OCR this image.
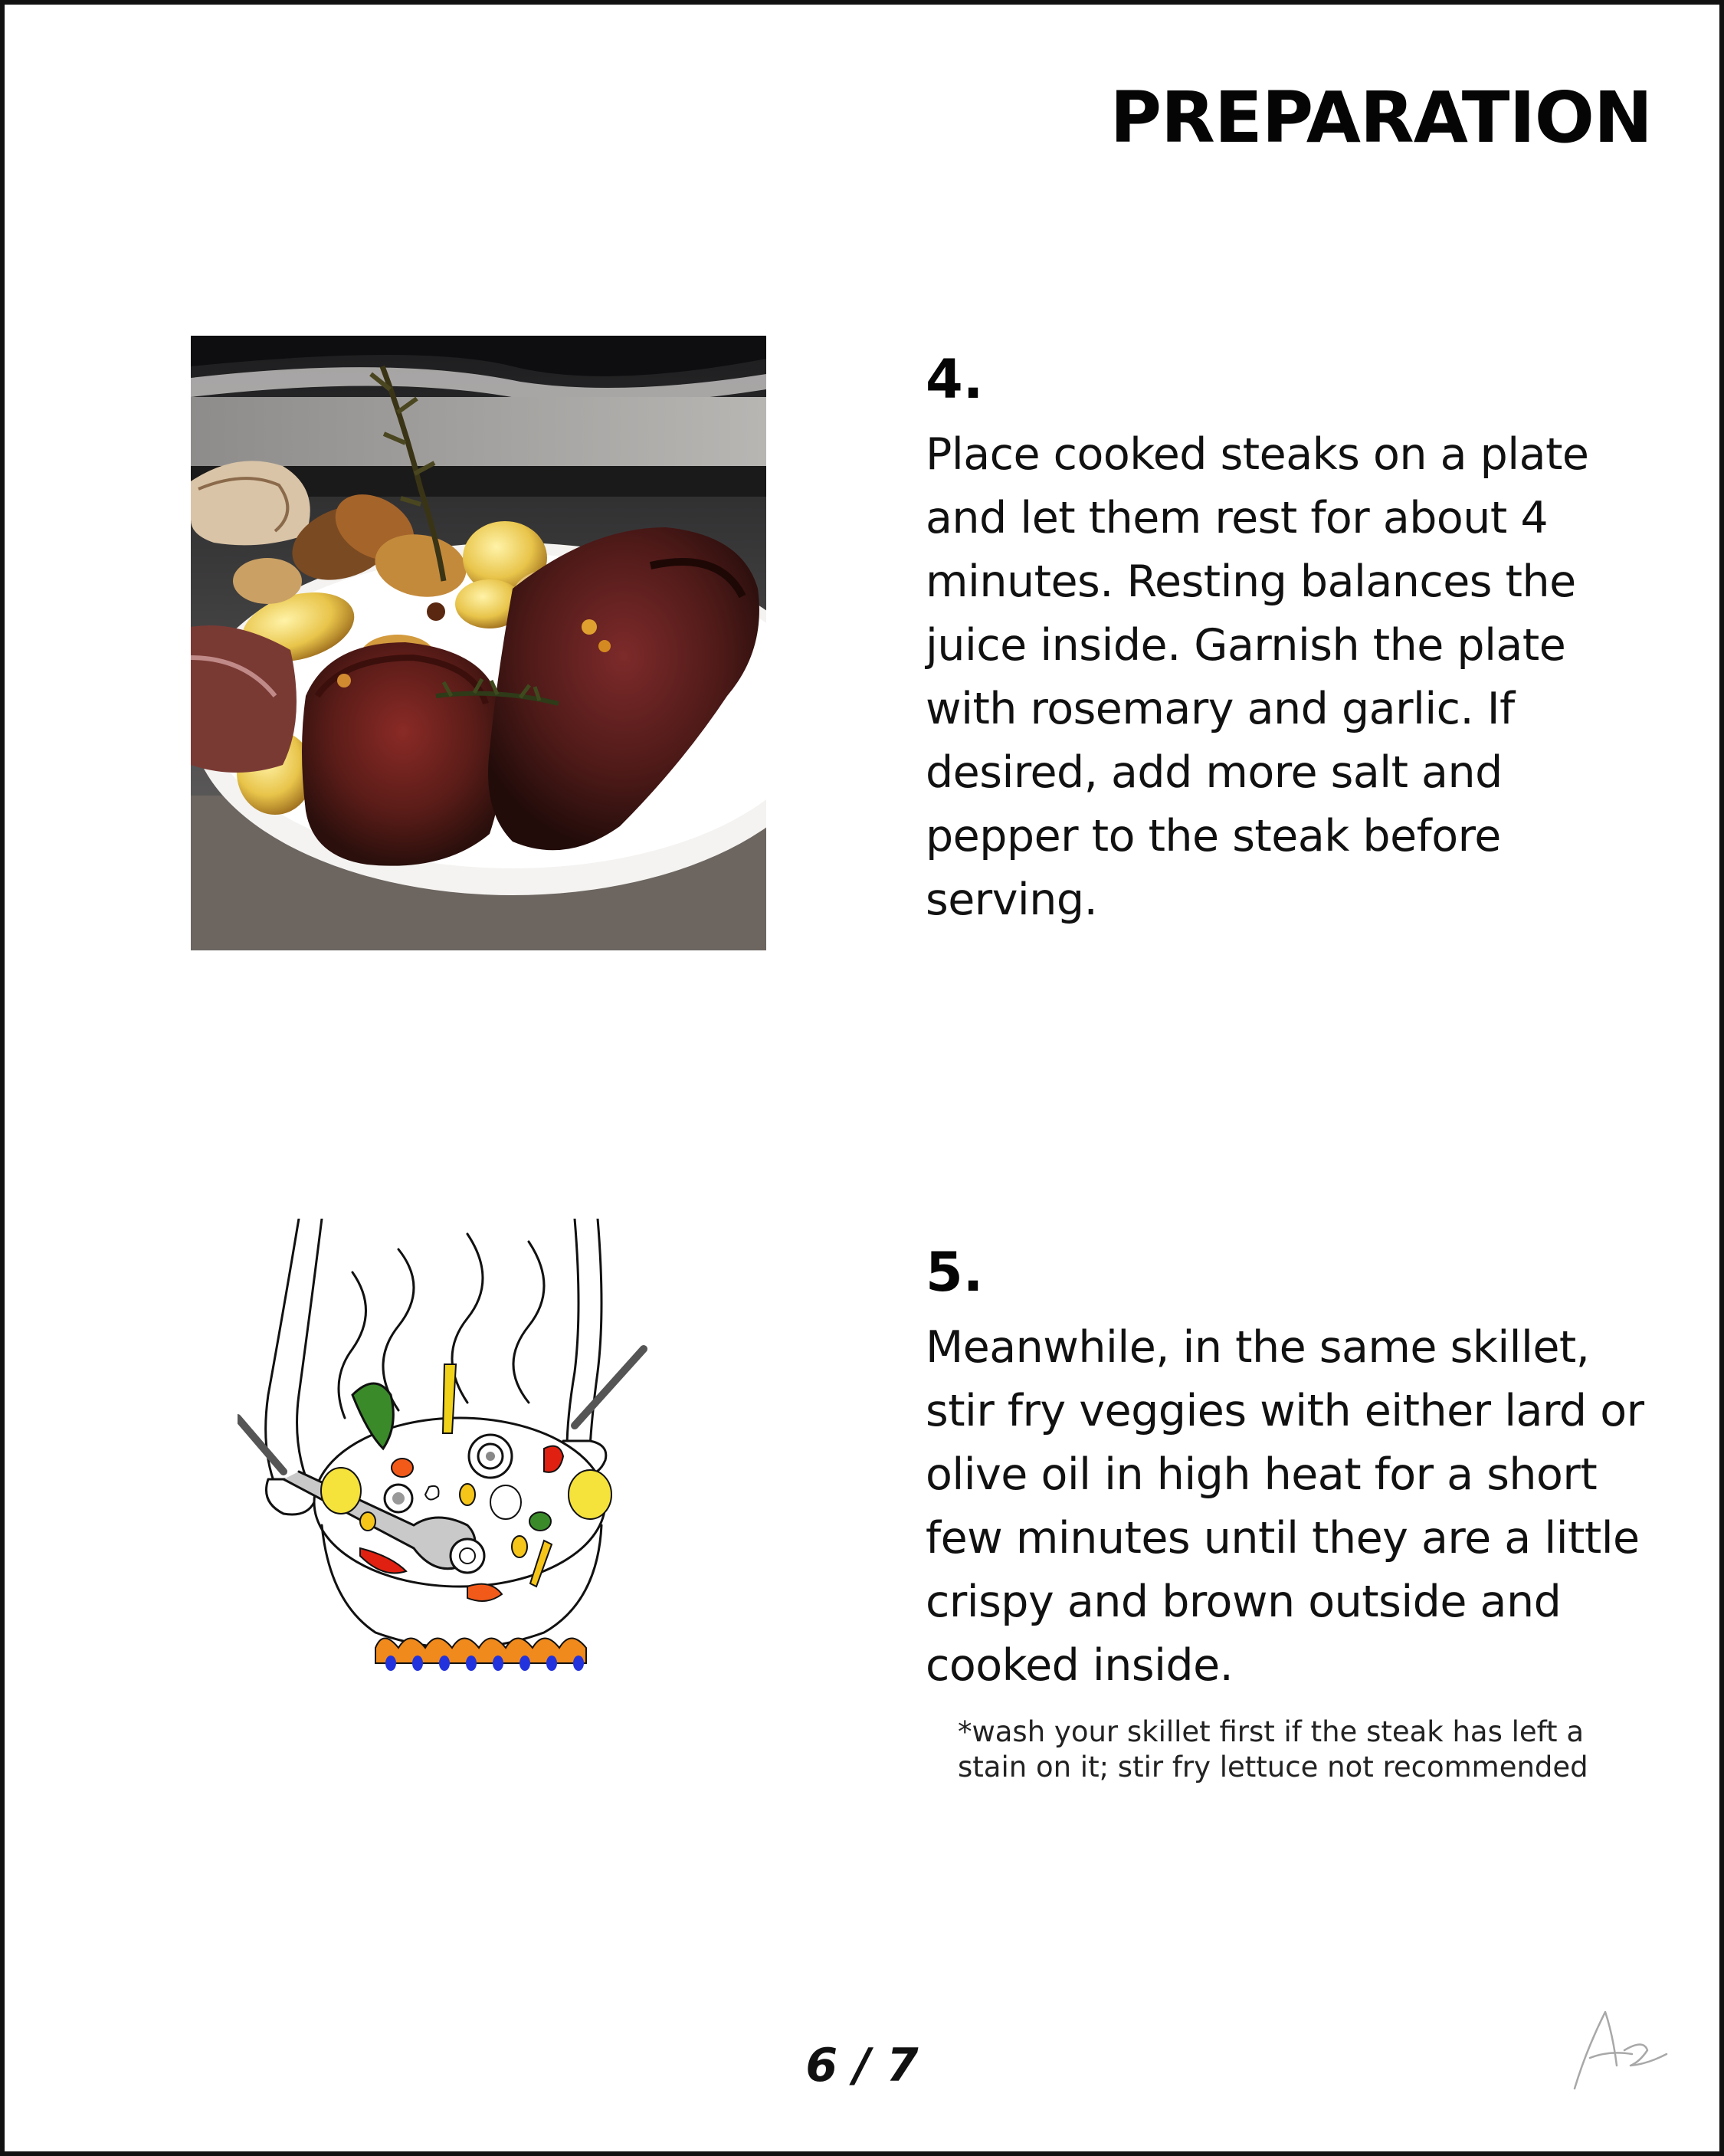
PREPARATION

4.

Place cooked steaks on a plate and let them rest for about 4 minutes. Resting balances the juice inside. Garnish the plate with rosemary and garlic. If desired, add more salt and pepper to the steak before serving.

5.

Meanwhile, in the same skillet, stir fry veggies with either lard or olive oil in high heat for a short few minutes until they are a little crispy and brown outside and cooked inside.

*wash your skillet first if the steak has left a stain on it; stir fry lettuce not recommended

6 / 7
